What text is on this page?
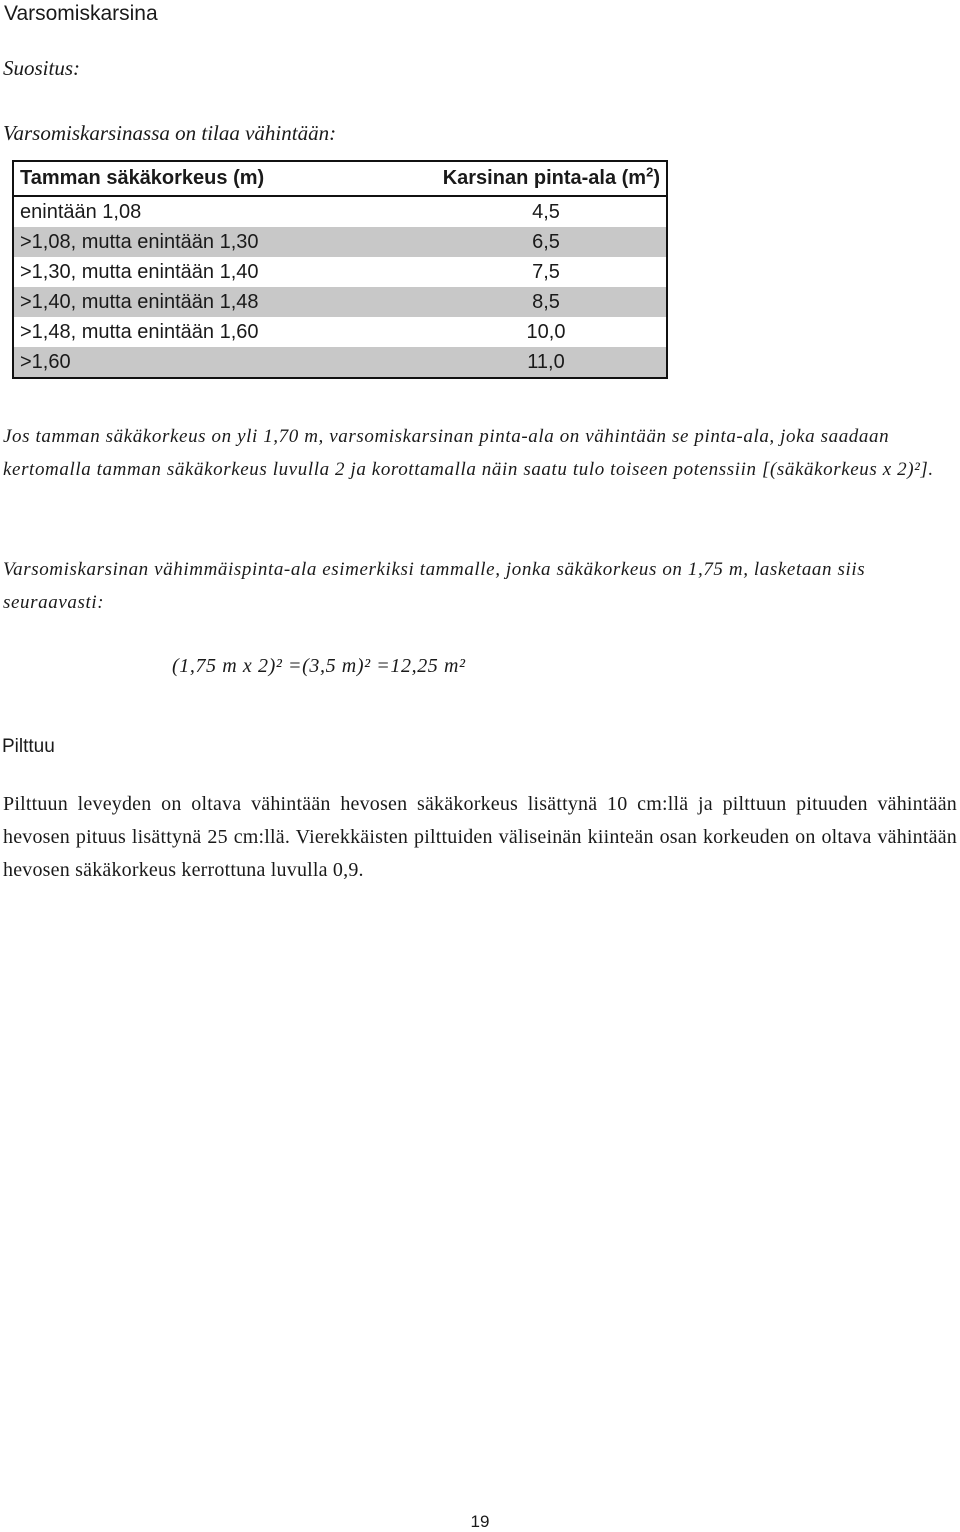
Varsomiskarsina
Suositus:
Varsomiskarsinassa on tilaa vähintään:
Tamman säkäkorkeus (m)	Karsinan pinta-ala $(m^2)$
enintään 1,08	4,5
>1,08, mutta enintään 1,30	6,5
>1,30, mutta enintään 1,40	7,5
>1,40, mutta enintään 1,48	8,5
>1,48, mutta enintään 1,60	10,0
>1,60	11,0
Jos tamman säkäkorkeus on yli 1,70 m, varsomiskarsinan pinta-ala on vähintään se pinta-ala, joka saadaan kertomalla tamman säkäkorkeus luvulla 2 ja korottamalla näin saatu tulo toiseen potenssiin [(säkäkorkeus x 2)²].
Varsomiskarsinan vähimmäispinta-ala esimerkiksi tammalle, jonka säkäkorkeus on 1,75 m, lasketaan siis seuraavasti:
(1,75 m x 2)² =(3,5 m)² =12,25 m²
Pilttuu
Pilttuun leveyden on oltava vähintään hevosen säkäkorkeus lisättynä 10 cm:llä ja pilttuun pituuden vähintään hevosen pituus lisättynä 25 cm:llä. Vierekkäisten pilttuiden väliseinän kiinteän osan korkeuden on oltava vähintään hevosen säkäkorkeus kerrottuna luvulla 0,9.
19
